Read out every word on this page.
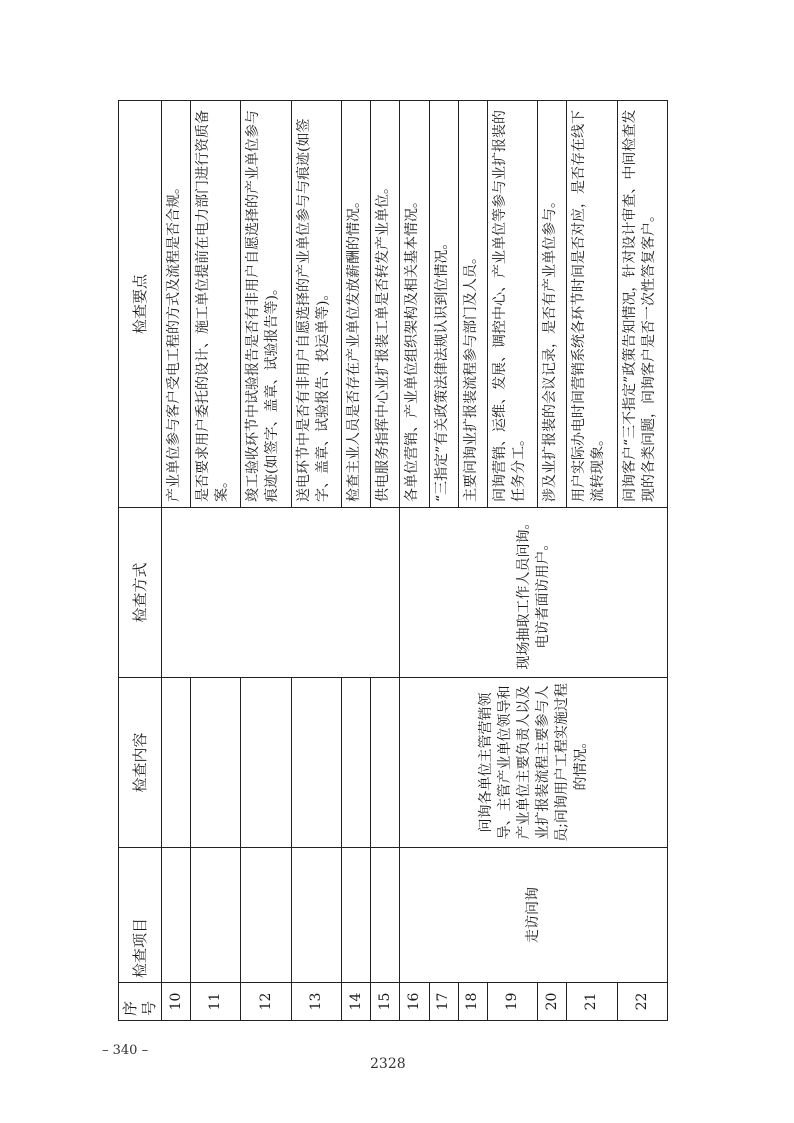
序号	检查项目	检查内容	检查方式	检查要点
10				产业单位参与客户受电工程的方式及流程是否合规。
11				是否要求用户委托的设计、施工单位提前在电力部门进行资质备案。
12				竣工验收环节中试验报告是否有非用户自愿选择的产业单位参与痕迹(如签字、盖章、试验报告等)。
13				送电环节中是否有非用户自愿选择的产业单位参与与痕迹(如签字、盖章、试验报告、投运单等)。
14				检查主业人员是否存在产业单位发放薪酬的情况。
15				供电服务指挥中心业扩报装工单是否转发产业单位。
16	走访问询	问询各单位主管营销领导、主管产业单位领导和产业单位主要负责人以及业扩报装流程主要参与人员;问询用户工程实施过程的情况。	现场抽取工作人员问询。电访者面访用户。	各单位营销、产业单位组织架构及相关基本情况。
17				“三指定”有关政策法律法规认识到位情况。
18				主要问询业扩报装流程参与部门及人员。
19				问询营销、运维、发展、调控中心、产业单位等参与业扩报装的任务分工。
20				涉及业扩报装的会议记录，是否有产业单位参与。
21				用户实际办电时间营销系统各环节时间是否对应，是否存在线下流转现象。
22				问询客户“三不指定”政策告知情况，针对设计审查、中间检查发现的各类问题，问询客户是否一次性答复客户。
– 340 –
2328
